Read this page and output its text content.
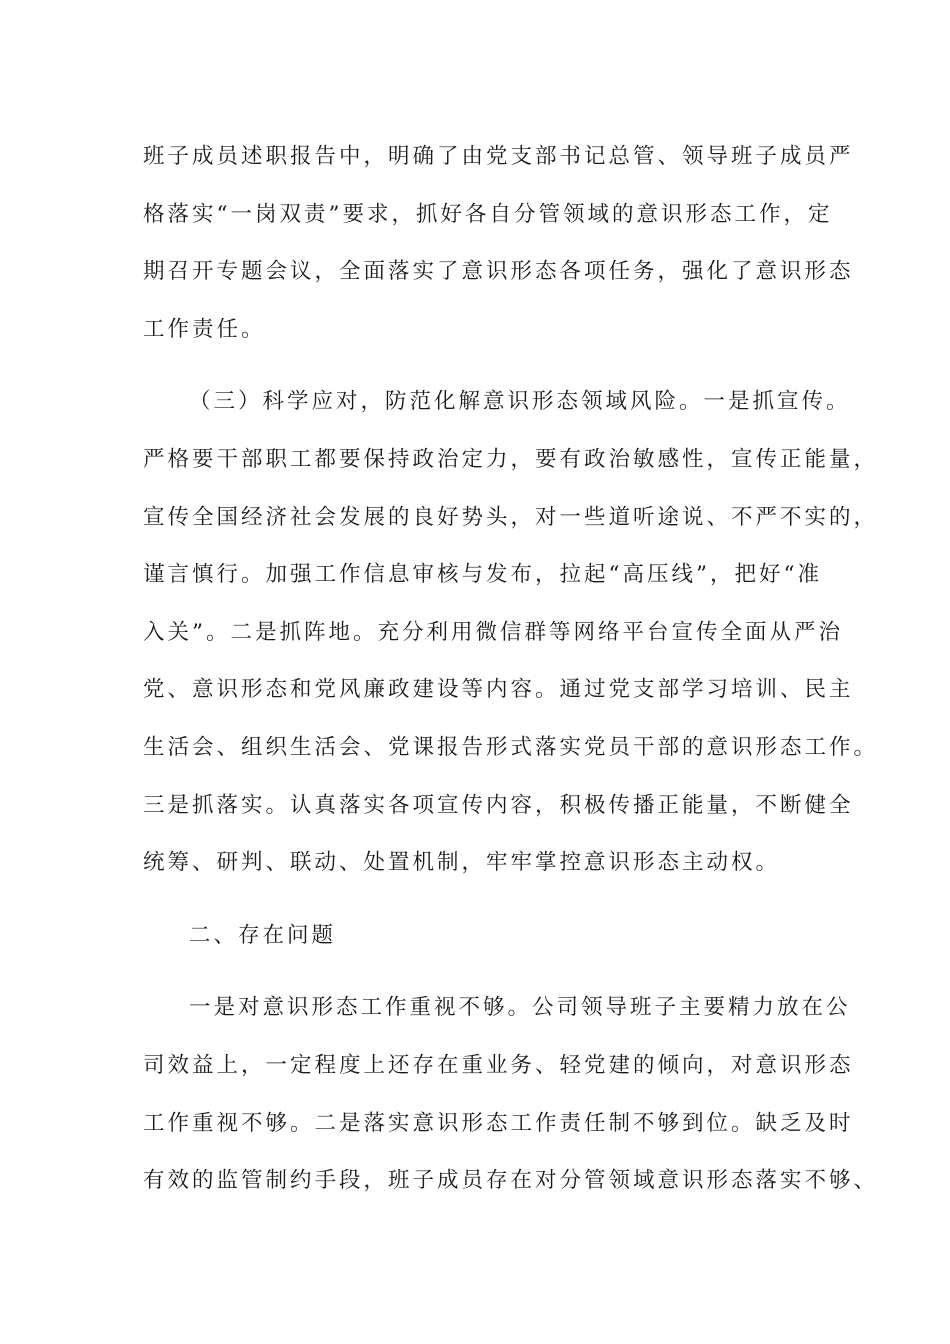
班子成员述职报告中，明确了由党支部书记总管、领导班子成员严
格落实“一岗双责”要求，抓好各自分管领域的意识形态工作，定
期召开专题会议，全面落实了意识形态各项任务，强化了意识形态
工作责任。
（三）科学应对，防范化解意识形态领域风险。一是抓宣传。
严格要干部职工都要保持政治定力，要有政治敏感性，宣传正能量，
宣传全国经济社会发展的良好势头，对一些道听途说、不严不实的，
谨言慎行。加强工作信息审核与发布，拉起“高压线”，把好“准
入关”。二是抓阵地。充分利用微信群等网络平台宣传全面从严治
党、意识形态和党风廉政建设等内容。通过党支部学习培训、民主
生活会、组织生活会、党课报告形式落实党员干部的意识形态工作。
三是抓落实。认真落实各项宣传内容，积极传播正能量，不断健全
统筹、研判、联动、处置机制，牢牢掌控意识形态主动权。
二、存在问题
一是对意识形态工作重视不够。公司领导班子主要精力放在公
司效益上，一定程度上还存在重业务、轻党建的倾向，对意识形态
工作重视不够。二是落实意识形态工作责任制不够到位。缺乏及时
有效的监管制约手段，班子成员存在对分管领域意识形态落实不够、
